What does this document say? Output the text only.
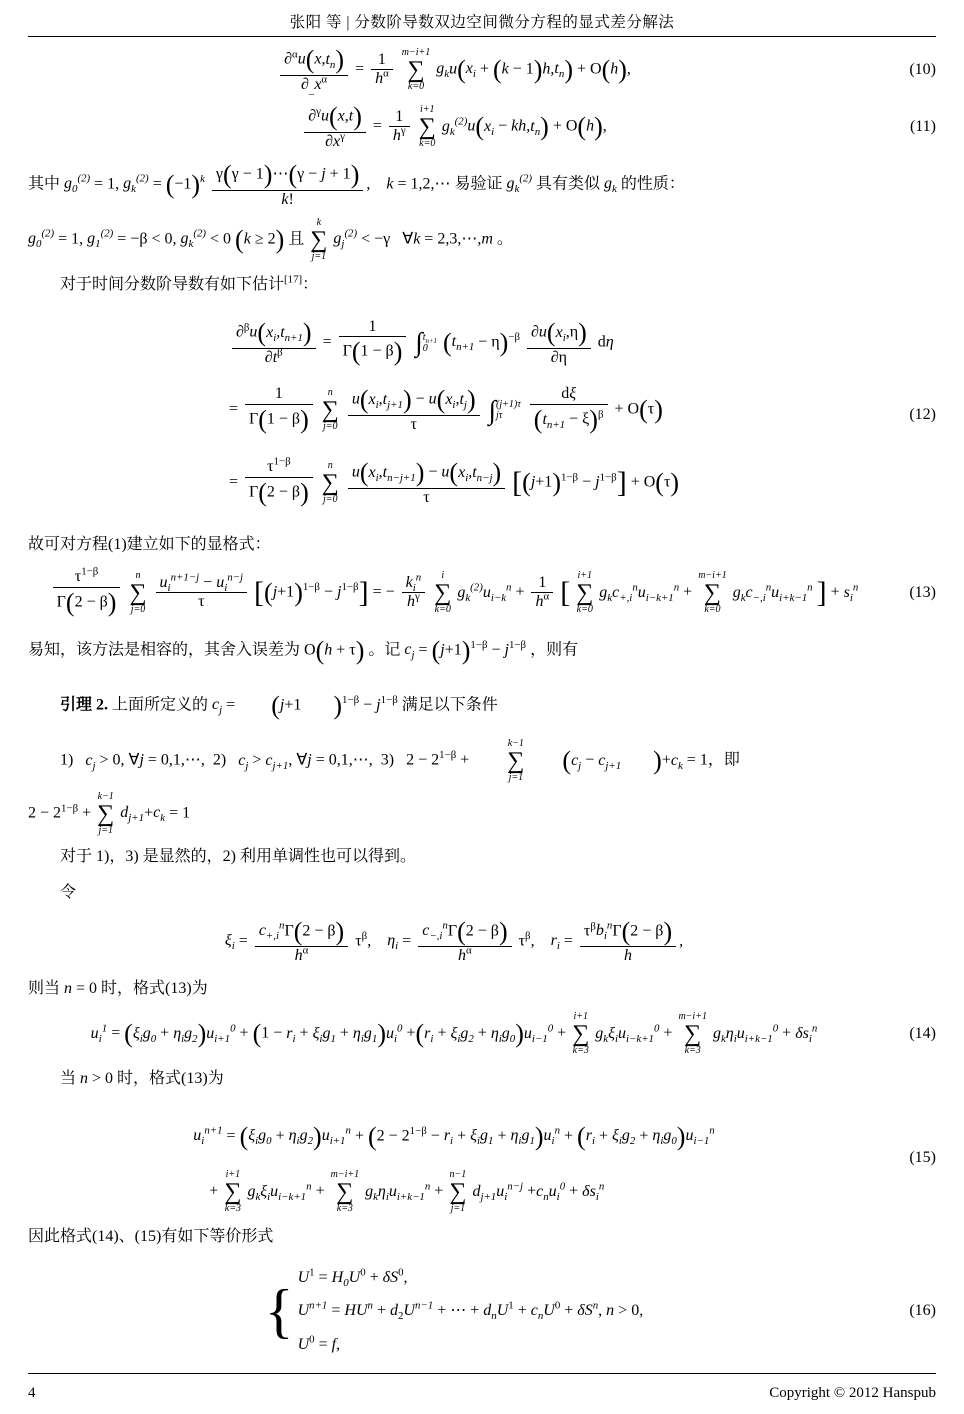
张阳 等 | 分数阶导数双边空间微分方程的显式差分解法
$\frac{\partial^\alpha u(x,t_n)}{\partial_{\_}x^\alpha} = \frac{1}{h^\alpha}$
m−i+1
∑
k=0
$g_ku(x_i + (k - 1)h,t_n) + O(h)$,	(10)
$\frac{\partial^\gamma u(x,t)}{\partial x^\gamma} = \frac{1}{h^\gamma}$
i+1
∑
k=0
$g_k^{(2)}u(x_i - kh,t_n) + O(h)$,	(11)
其中 $g_0^{(2)} = 1$, $g_k^{(2)} = (-1)^k \frac{\gamma(\gamma - 1)\cdots(\gamma - j + 1)}{k!}$ , k = 1,2,⋯ 易验证 $g_k^{(2)}$ 具有类似 $g_k$ 的性质：
$g_0^{(2)} = 1$, $g_1^{(2)} = -\beta < 0$, $g_k^{(2)} < 0$ (k ≥ 2) 且
k
∑
j=1
$g_j^{(2)} < -\gamma$   ∀k = 2,3,⋯,m 。
对于时间分数阶导数有如下估计[17]：
$\frac{\partial^\beta u(x_i,t_{n+1})}{\partial t^\beta} = \frac{1}{\Gamma(1 - \beta)}$ ∫ $t_{n+1}$
0 $(t_{n+1} - \eta)^{-\beta} \frac{\partial u(x_i,\eta)}{\partial\eta}$ dη
= $\frac{1}{\Gamma(1 - \beta)}$
	n
∑
j=0
$\frac{u(x_i,t_{j+1}) - u(x_i,t_j)}{\tau}$ ∫ (j+1)τ
jτ
	$\frac{d\xi}{(t_{n+1} - \xi)^\beta} + O(\tau)$
= $\frac{\tau^{1-\beta}}{\Gamma(2 - \beta)}$
	n
∑
j=0
$\frac{u(x_i,t_{n-j+1}) - u(x_i,t_{n-j})}{\tau} [(j+1)^{1-\beta} - j^{1-\beta}] + O(\tau)$
(12)
故可对方程(1)建立如下的显格式：
$\frac{\tau^{1-\beta}}{\Gamma(2 - \beta)}$
	n
∑
j=0
$\frac{u_i^{n+1-j} - u_i^{n-j}}{\tau} [(j+1)^{1-\beta} - j^{1-\beta}]$ = − $\frac{k_i^n}{h^\gamma}$
	i
∑
k=0
$g_k^{(2)}u_{i-k}^n + \frac{1}{h^\alpha}$ [
i+1
∑
k=0
$g_kc_{+,i}^nu_{i-k+1}^n$ +
m−i+1
∑
k=0
$g_kc_{-,i}^nu_{i+k-1}^n$ ] + $s_i^n$	(13)
易知，该方法是相容的，其舍入误差为 O(h + τ) 。记 $c_j = (j+1)^{1-\beta} - j^{1-\beta}$ ，则有
引理 2. 上面所定义的 $c_j = (j+1$ )$^{1-\beta} - j^{1-\beta}$ 满足以下条件
1) $c_j > 0$, ∀j = 0,1,⋯,  2) $c_j > c_{j+1}$, ∀j = 0,1,⋯,  3) $2 - 2^{1-\beta}$ +
k−1
∑
j=1
($c_j - c_{j+1}$ )$+c_k = 1$，即
$2 - 2^{1-\beta}$ +
k−1
∑
j=1
$d_{j+1}+c_k = 1$
对于 1)，3) 是显然的，2) 利用单调性也可以得到。
令
$\xi_i = \frac{c_{+,i}^n\Gamma(2 - \beta)}{h^\alpha} \tau^\beta$,    $\eta_i = \frac{c_{-,i}^n\Gamma(2 - \beta)}{h^\alpha} \tau^\beta$,    $r_i = \frac{\tau^\beta b_i^n\Gamma(2 - \beta)}{h}$ ,
则当 n = 0 时，格式(13)为
$u_i^1 = (\xi_ig_0 + \eta_ig_2)u_{i+1}^0 + (1 - r_i + \xi_ig_1 + \eta_ig_1)u_i^0 +(r_i + \xi_ig_2 + \eta_ig_0)u_{i-1}^0$ +
i+1
∑
k=3
$g_k\xi_iu_{i-k+1}^0$ +
m−i+1
∑
k=3
$g_k\eta_iu_{i+k-1}^0 + \delta s_i^n$	(14)
当 n > 0 时，格式(13)为
$u_i^{n+1} = (\xi_ig_0 + \eta_ig_2)u_{i+1}^n + (2 - 2^{1-\beta} - r_i + \xi_ig_1 + \eta_ig_1)u_i^n + (r_i + \xi_ig_2 + \eta_ig_0)u_{i-1}^n$
+
i+1
∑
k=3
$g_k\xi_iu_{i-k+1}^n$ +
m−i+1
∑
k=3
$g_k\eta_iu_{i+k-1}^n$ +
n−1
∑
j=1
$d_{j+1}u_i^{n-j} +c_nu_i^0 + \delta s_i^n$
(15)
因此格式(14)、(15)有如下等价形式
{
$U^1 = H_0U^0 + \delta S^0$,
$U^{n+1} = HU^n + d_2U^{n-1}$ + ⋯ + $d_nU^1 + c_nU^0 + \delta S^n$, n > 0,
$U^0 = f$,
(16)
4	Copyright © 2012 Hanspub
